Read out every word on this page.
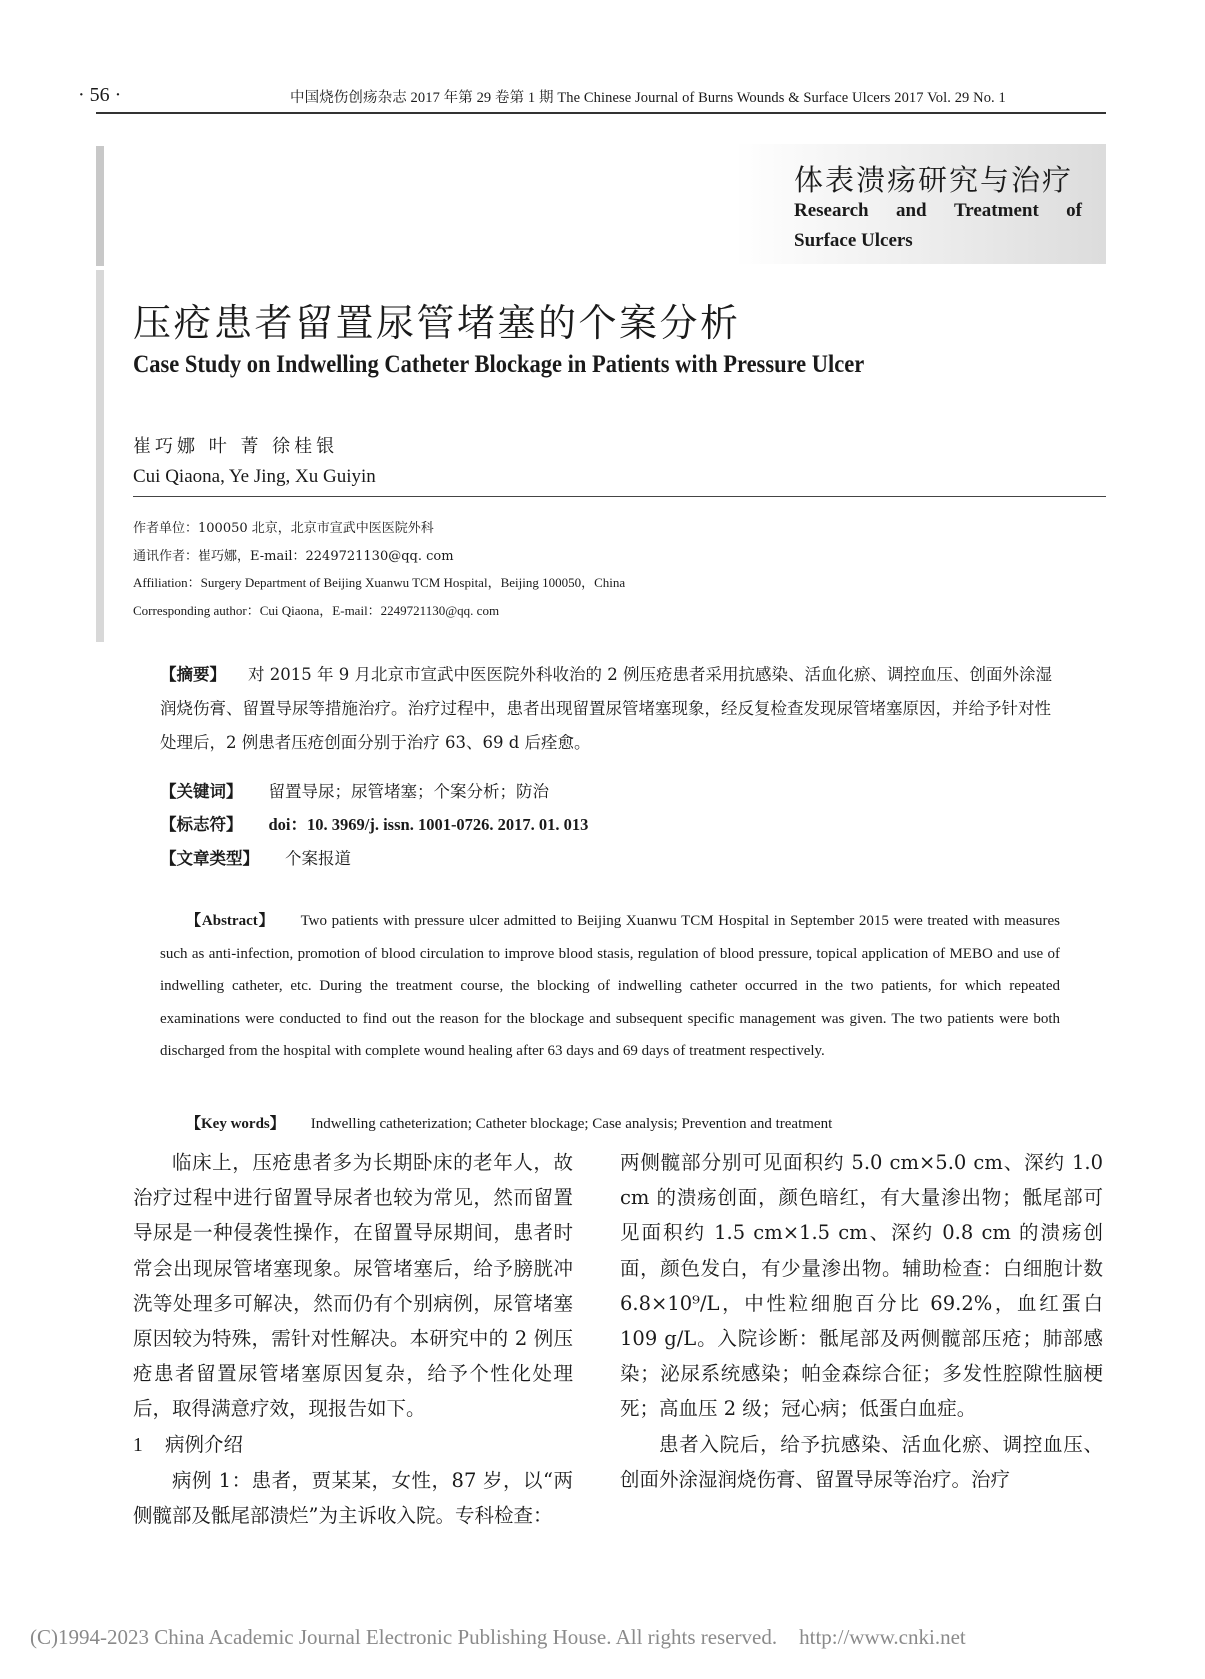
· 56 ·	中国烧伤创疡杂志 2017 年第 29 卷第 1 期 The Chinese Journal of Burns Wounds & Surface Ulcers 2017 Vol. 29 No. 1
体表溃疡研究与治疗
Research and Treatment of
Surface Ulcers
压疮患者留置尿管堵塞的个案分析
Case Study on Indwelling Catheter Blockage in Patients with Pressure Ulcer
崔巧娜 叶 菁 徐桂银
Cui Qiaona, Ye Jing, Xu Guiyin
作者单位：100050 北京，北京市宣武中医医院外科
通讯作者：崔巧娜，E-mail：2249721130@qq. com
Affiliation：Surgery Department of Beijing Xuanwu TCM Hospital，Beijing 100050，China
Corresponding author：Cui Qiaona，E-mail：2249721130@qq. com
【摘要】 对 2015 年 9 月北京市宣武中医医院外科收治的 2 例压疮患者采用抗感染、活血化瘀、调控血压、创面外涂湿润烧伤膏、留置导尿等措施治疗。治疗过程中，患者出现留置尿管堵塞现象，经反复检查发现尿管堵塞原因，并给予针对性处理后，2 例患者压疮创面分别于治疗 63、69 d 后痊愈。
【关键词】 留置导尿；尿管堵塞；个案分析；防治
【标志符】 doi：10. 3969/j. issn. 1001-0726. 2017. 01. 013
【文章类型】 个案报道
【Abstract】 Two patients with pressure ulcer admitted to Beijing Xuanwu TCM Hospital in September 2015 were treated with measures such as anti-infection, promotion of blood circulation to improve blood stasis, regulation of blood pressure, topical application of MEBO and use of indwelling catheter, etc. During the treatment course, the blocking of indwelling catheter occurred in the two patients, for which repeated examinations were conducted to find out the reason for the blockage and subsequent specific management was given. The two patients were both discharged from the hospital with complete wound healing after 63 days and 69 days of treatment respectively.
【Key words】 Indwelling catheterization; Catheter blockage; Case analysis; Prevention and treatment

临床上，压疮患者多为长期卧床的老年人，故治疗过程中进行留置导尿者也较为常见，然而留置导尿是一种侵袭性操作，在留置导尿期间，患者时常会出现尿管堵塞现象。尿管堵塞后，给予膀胱冲洗等处理多可解决，然而仍有个别病例，尿管堵塞原因较为特殊，需针对性解决。本研究中的 2 例压疮患者留置尿管堵塞原因复杂，给予个性化处理后，取得满意疗效，现报告如下。

1 病例介绍

病例 1：患者，贾某某，女性，87 岁，以“两侧髋部及骶尾部溃烂”为主诉收入院。专科检查：

两侧髋部分别可见面积约 5.0 cm×5.0 cm、深约 1.0 cm 的溃疡创面，颜色暗红，有大量渗出物；骶尾部可见面积约 1.5 cm×1.5 cm、深约 0.8 cm 的溃疡创面，颜色发白，有少量渗出物。辅助检查：白细胞计数 6.8×10⁹/L，中性粒细胞百分比 69.2%，血红蛋白 109 g/L。入院诊断：骶尾部及两侧髋部压疮；肺部感染；泌尿系统感染；帕金森综合征；多发性腔隙性脑梗死；高血压 2 级；冠心病；低蛋白血症。

患者入院后，给予抗感染、活血化瘀、调控血压、创面外涂湿润烧伤膏、留置导尿等治疗。治疗

(C)1994-2023 China Academic Journal Electronic Publishing House. All rights reserved. http://www.cnki.net
